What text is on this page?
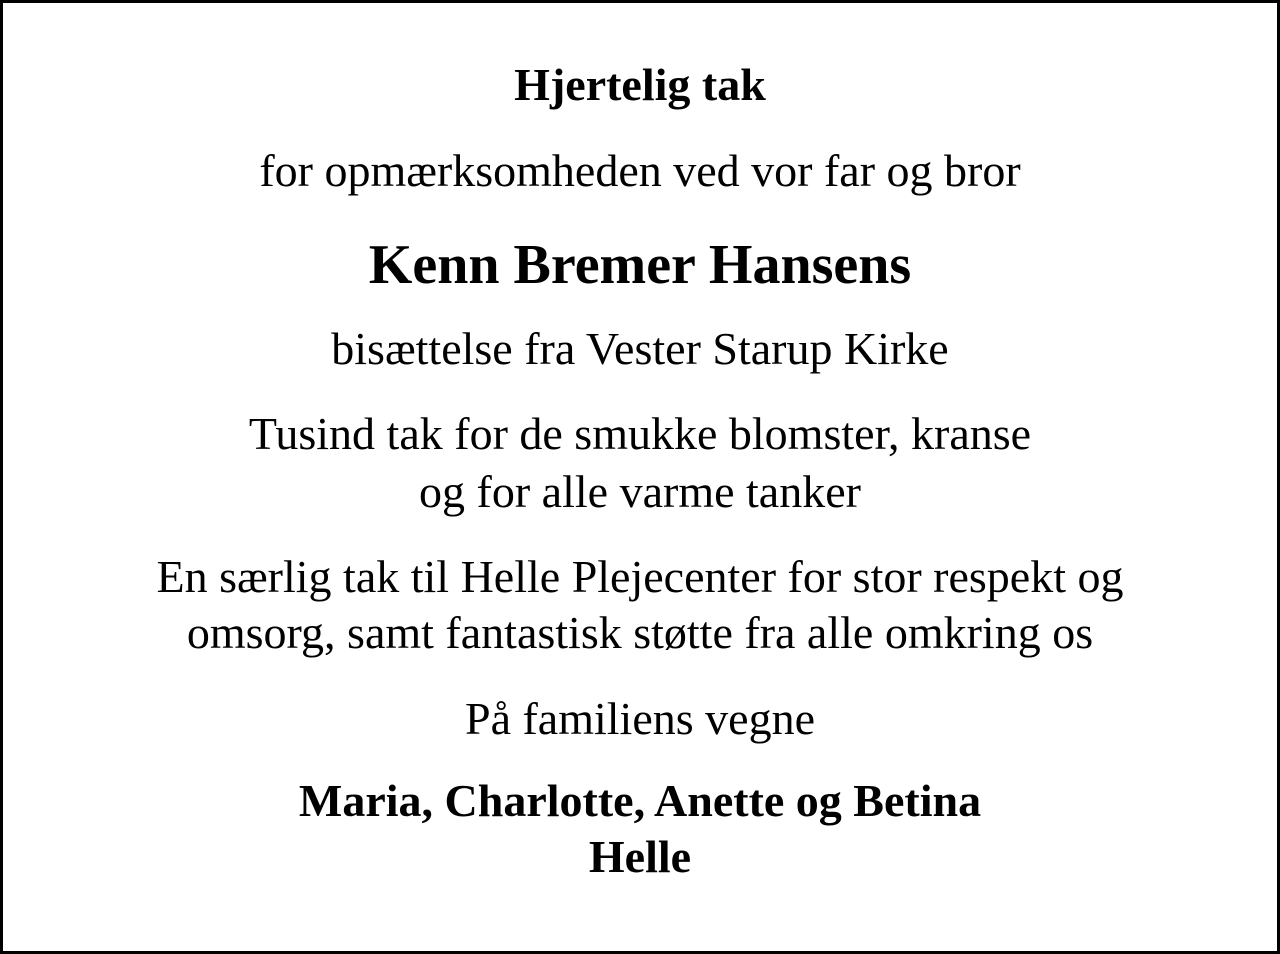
Hjertelig tak

for opmærksomheden ved vor far og bror

Kenn Bremer Hansens

bisættelse fra Vester Starup Kirke

Tusind tak for de smukke blomster, kranse
og for alle varme tanker

En særlig tak til Helle Plejecenter for stor respekt og
omsorg, samt fantastisk støtte fra alle omkring os

På familiens vegne

Maria, Charlotte, Anette og Betina
Helle
